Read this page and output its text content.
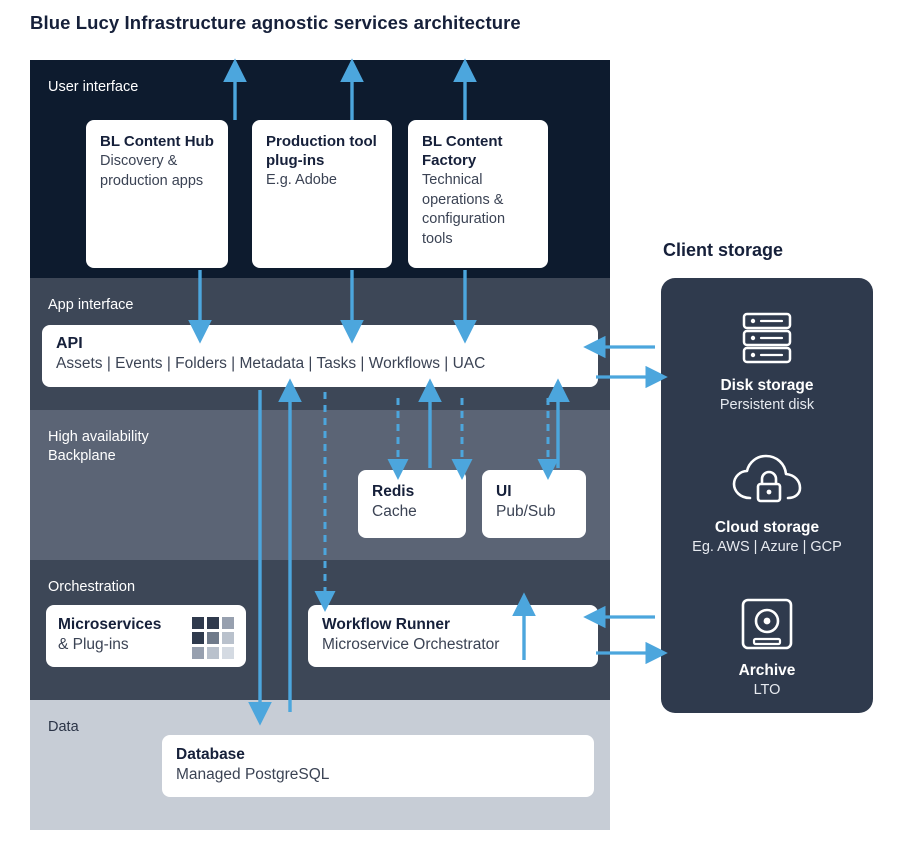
Blue Lucy Infrastructure agnostic services architecture
User interface
App interface
High availability
Backplane
Orchestration
Data
BL Content Hub
Discovery & production apps
Production tool plug-ins
E.g. Adobe
BL Content Factory
Technical operations & configuration tools
API
Assets | Events | Folders | Metadata | Tasks | Workflows | UAC
Redis
Cache
UI
Pub/Sub
Microservices
& Plug-ins
Workflow Runner
Microservice Orchestrator
Database
Managed PostgreSQL
Client storage
Disk storage
Persistent disk
Cloud storage
Eg. AWS | Azure | GCP
Archive
LTO
